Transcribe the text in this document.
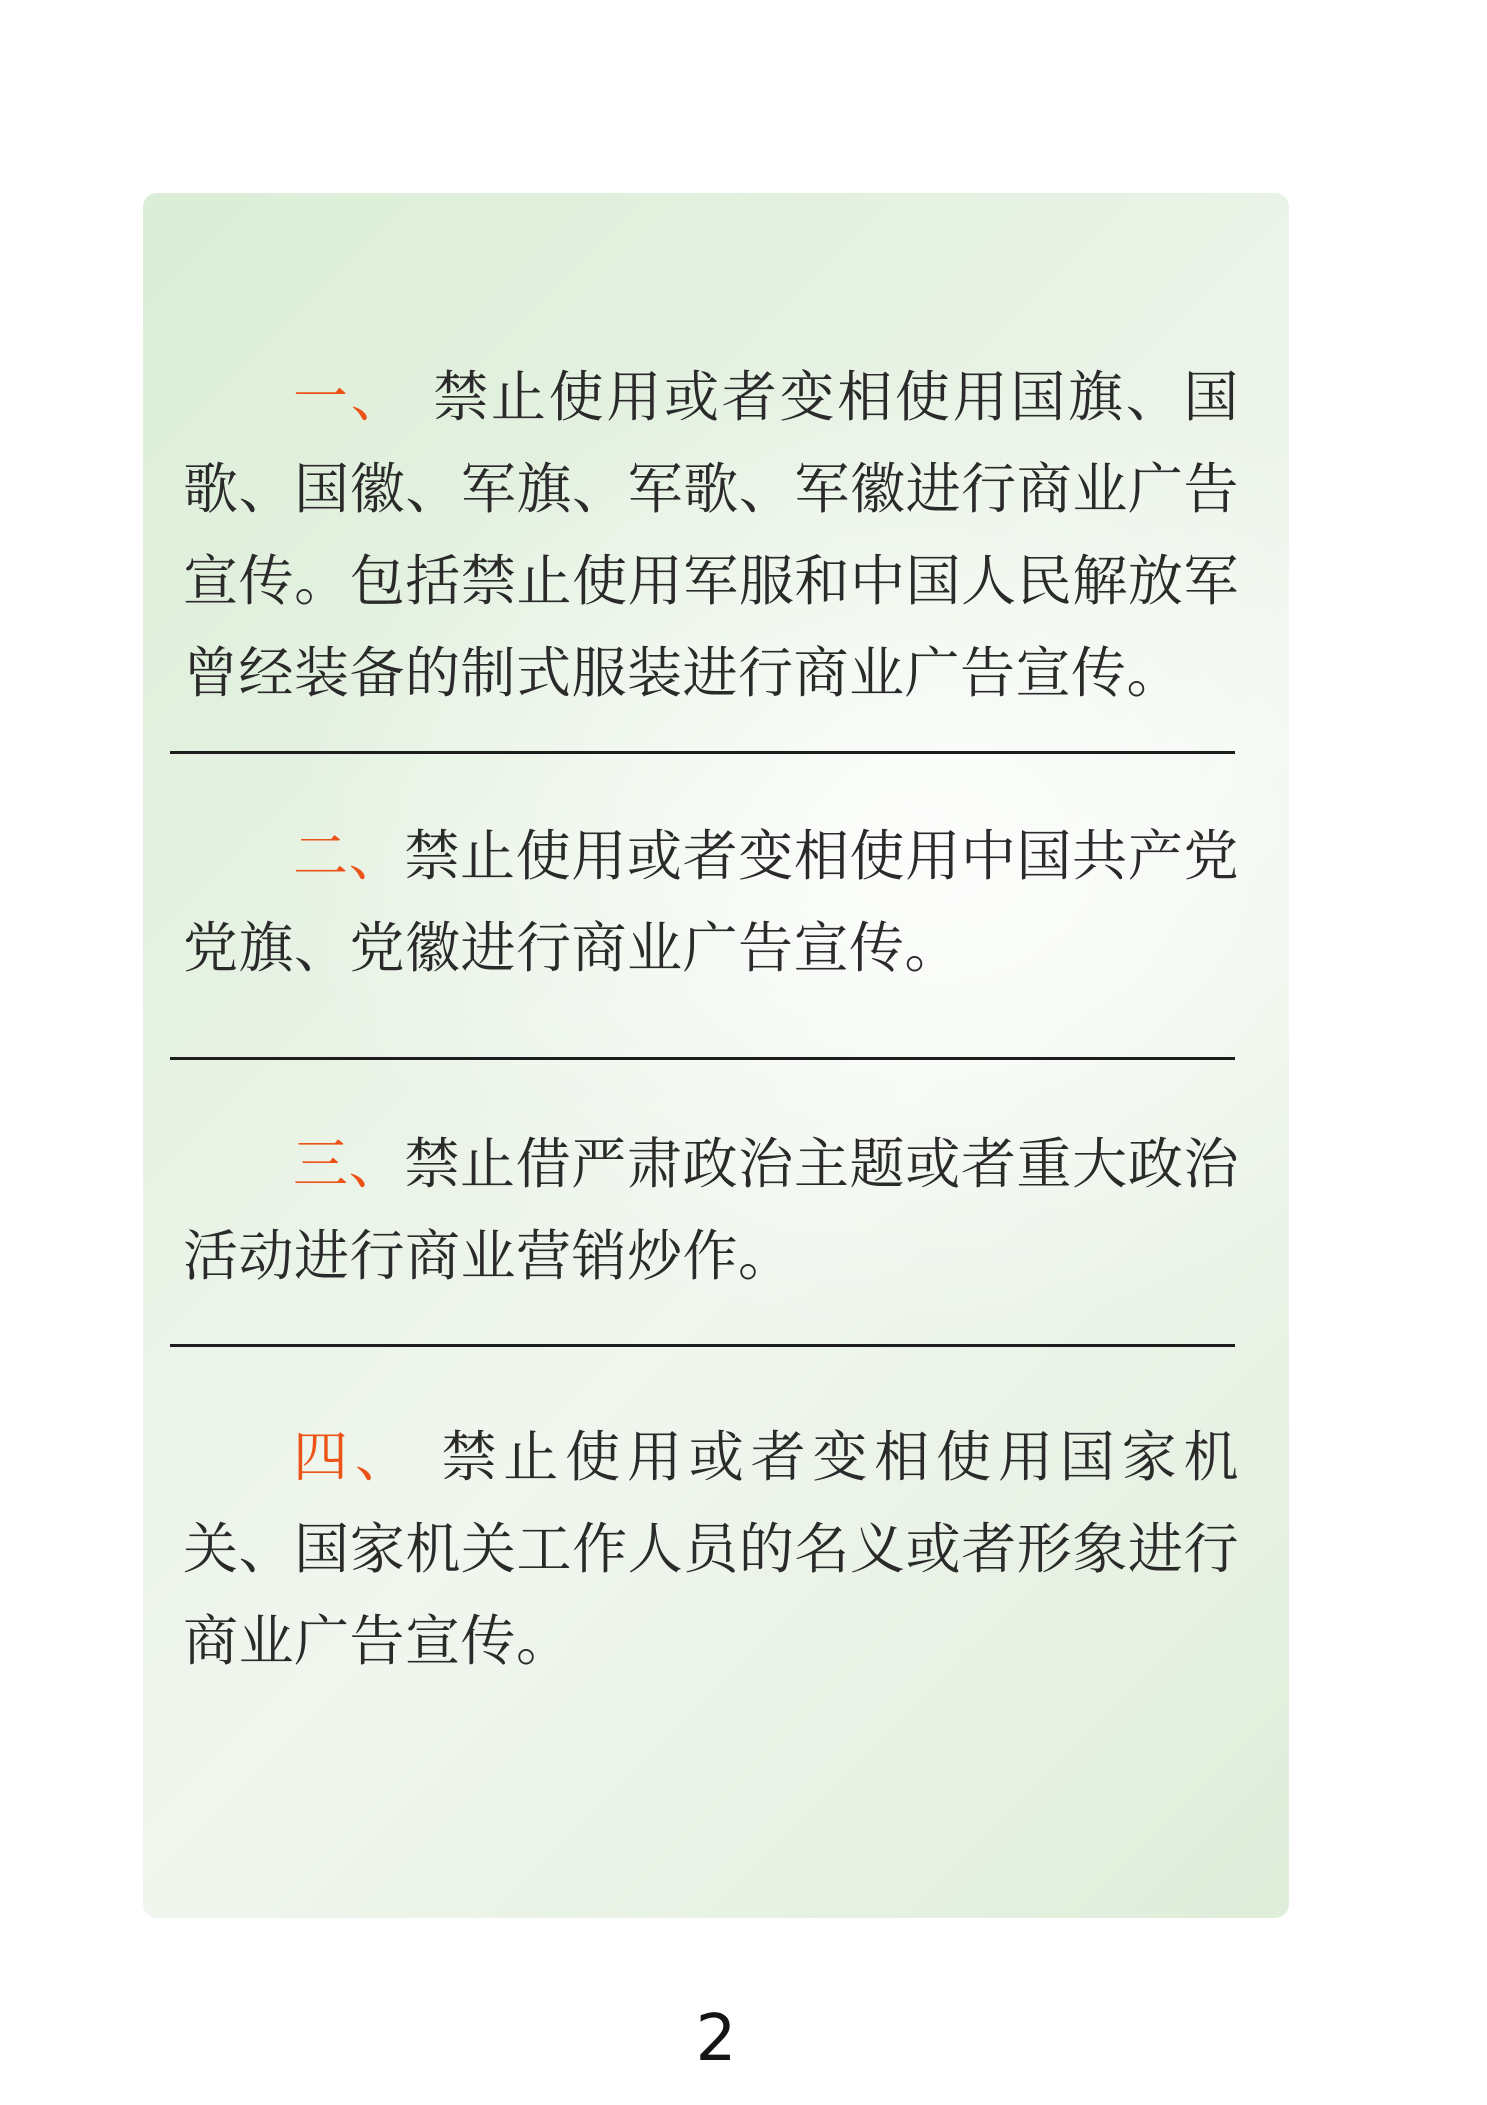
一、 禁止使用或者变相使用国旗、国歌、国徽、军旗、军歌、军徽进行商业广告宣传。包括禁止使用军服和中国人民解放军曾经装备的制式服装进行商业广告宣传。

二、禁止使用或者变相使用中国共产党党旗、党徽进行商业广告宣传。

三、禁止借严肃政治主题或者重大政治活动进行商业营销炒作。

四、 禁止使用或者变相使用国家机关、国家机关工作人员的名义或者形象进行商业广告宣传。

2
